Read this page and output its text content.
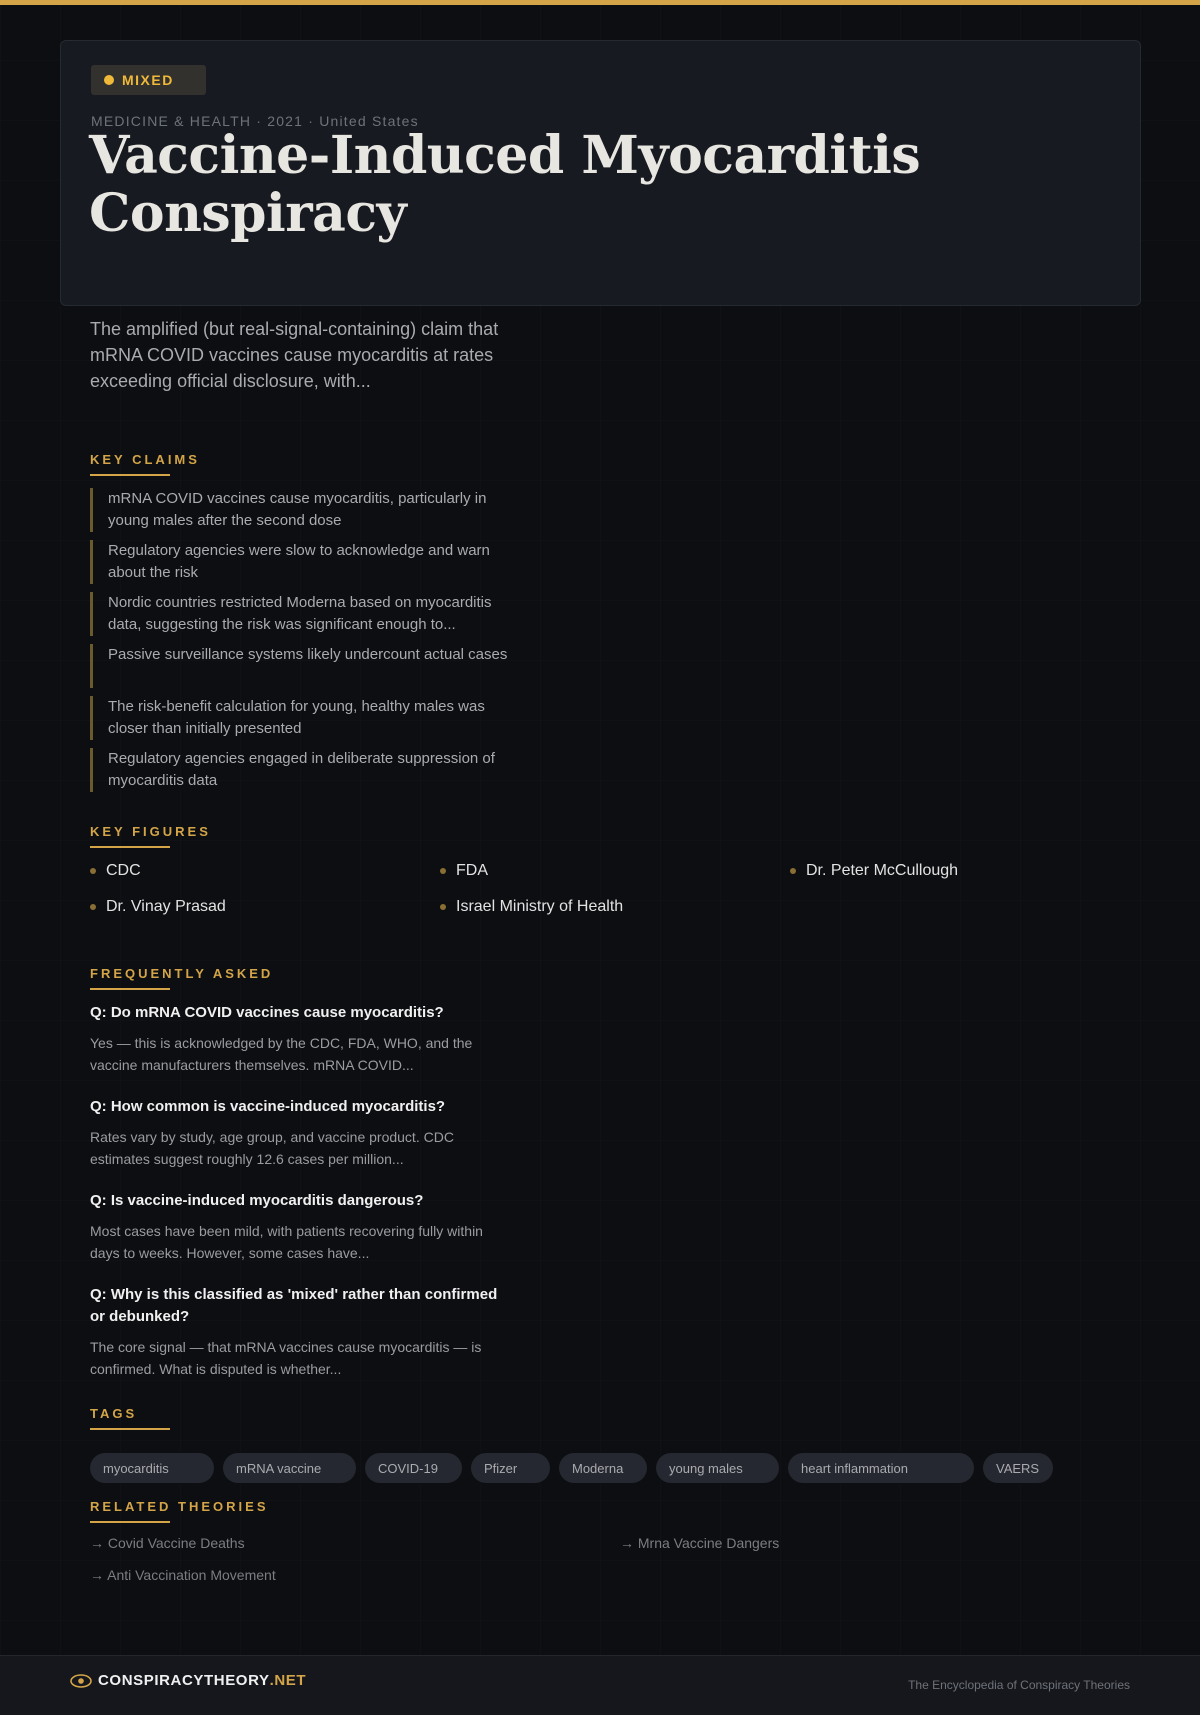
MIXED
MEDICINE & HEALTH · 2021 · United States
Vaccine-Induced Myocarditis Conspiracy

The amplified (but real-signal-containing) claim that mRNA COVID vaccines cause myocarditis at rates exceeding official disclosure, with...

KEY CLAIMS
mRNA COVID vaccines cause myocarditis, particularly in young males after the second dose
Regulatory agencies were slow to acknowledge and warn about the risk
Nordic countries restricted Moderna based on myocarditis data, suggesting the risk was significant enough to...
Passive surveillance systems likely undercount actual cases
The risk-benefit calculation for young, healthy males was closer than initially presented
Regulatory agencies engaged in deliberate suppression of myocarditis data
KEY FIGURES
CDC	FDA	Dr. Peter McCullough
Dr. Vinay Prasad	Israel Ministry of Health
FREQUENTLY ASKED
Q: Do mRNA COVID vaccines cause myocarditis?
Yes — this is acknowledged by the CDC, FDA, WHO, and the vaccine manufacturers themselves. mRNA COVID...
Q: How common is vaccine-induced myocarditis?
Rates vary by study, age group, and vaccine product. CDC estimates suggest roughly 12.6 cases per million...
Q: Is vaccine-induced myocarditis dangerous?
Most cases have been mild, with patients recovering fully within days to weeks. However, some cases have...
Q: Why is this classified as 'mixed' rather than confirmed or debunked?
The core signal — that mRNA vaccines cause myocarditis — is confirmed. What is disputed is whether...
TAGS
myocarditis	mRNA vaccine	COVID-19	Pfizer	Moderna	young males	heart inflammation	VAERS
RELATED THEORIES
→ Covid Vaccine Deaths	→ Mrna Vaccine Dangers
→ Anti Vaccination Movement
CONSPIRACYTHEORY .NET	The Encyclopedia of Conspiracy Theories
